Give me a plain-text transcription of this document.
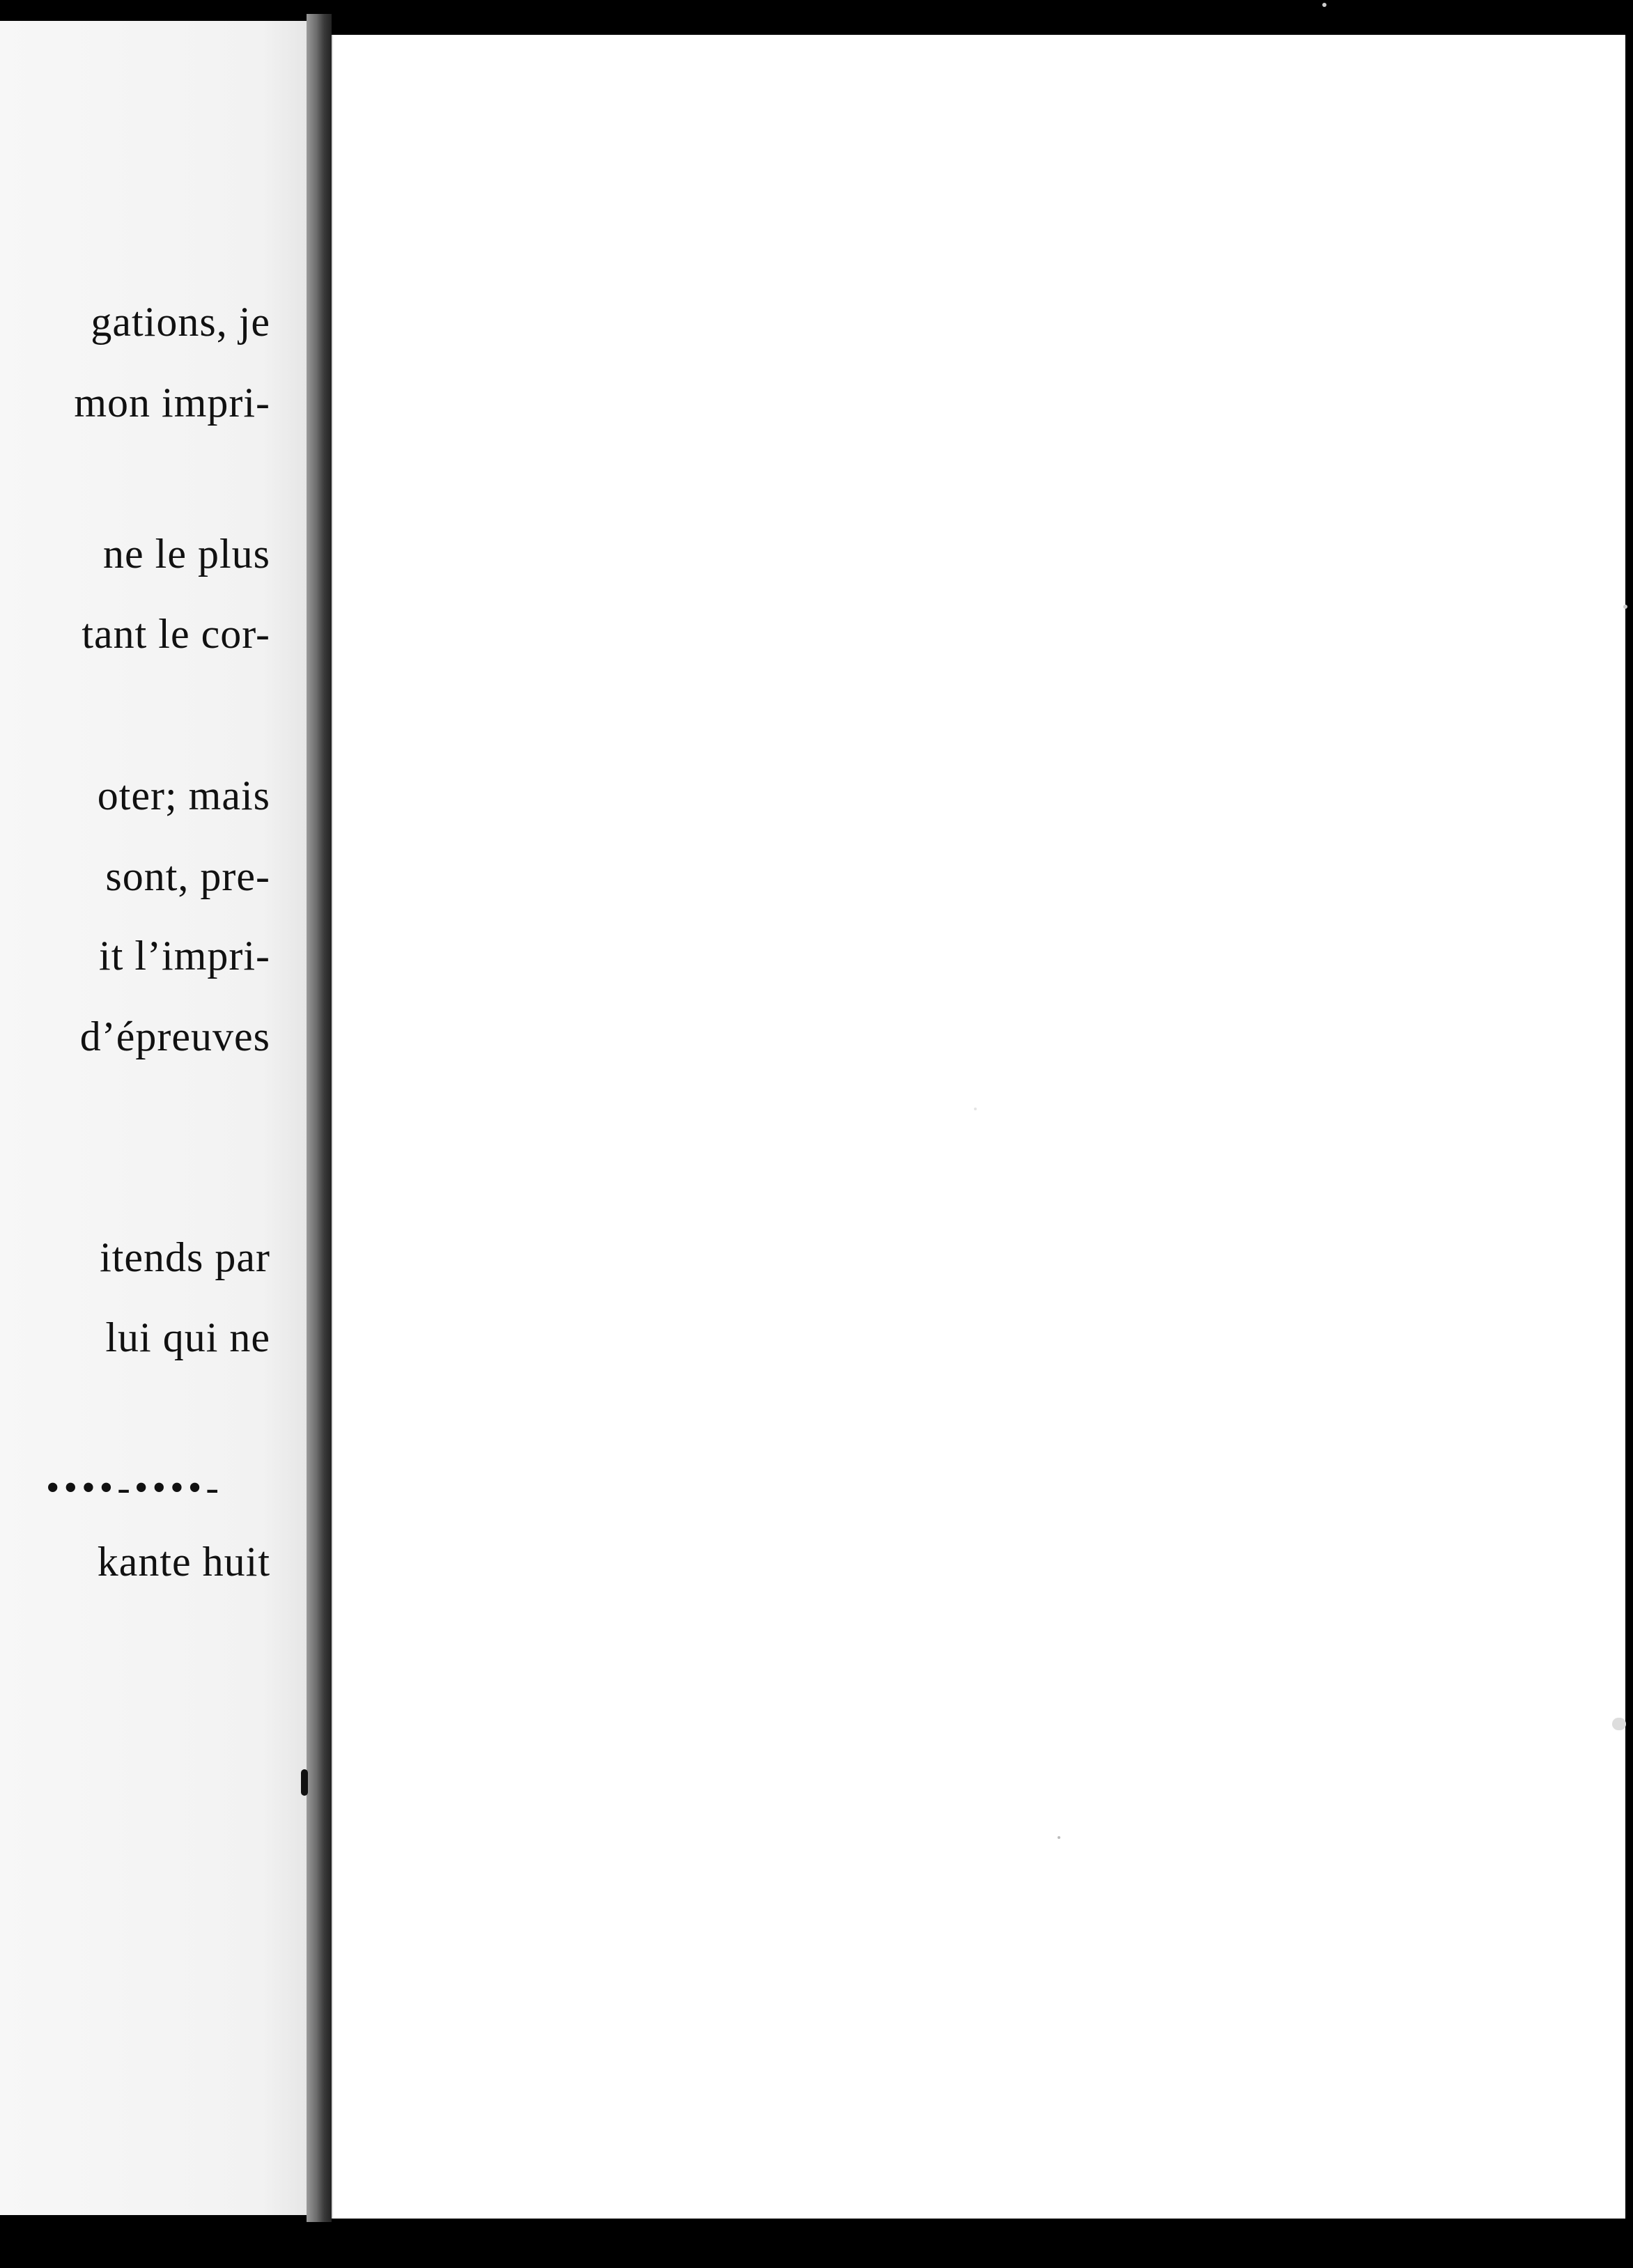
gations, je
mon impri-
ne le plus
tant le cor-
oter; mais
sont, pre-
it l’impri-
d’épreuves
itends par
lui qui ne
••••-••••-
kante huit
